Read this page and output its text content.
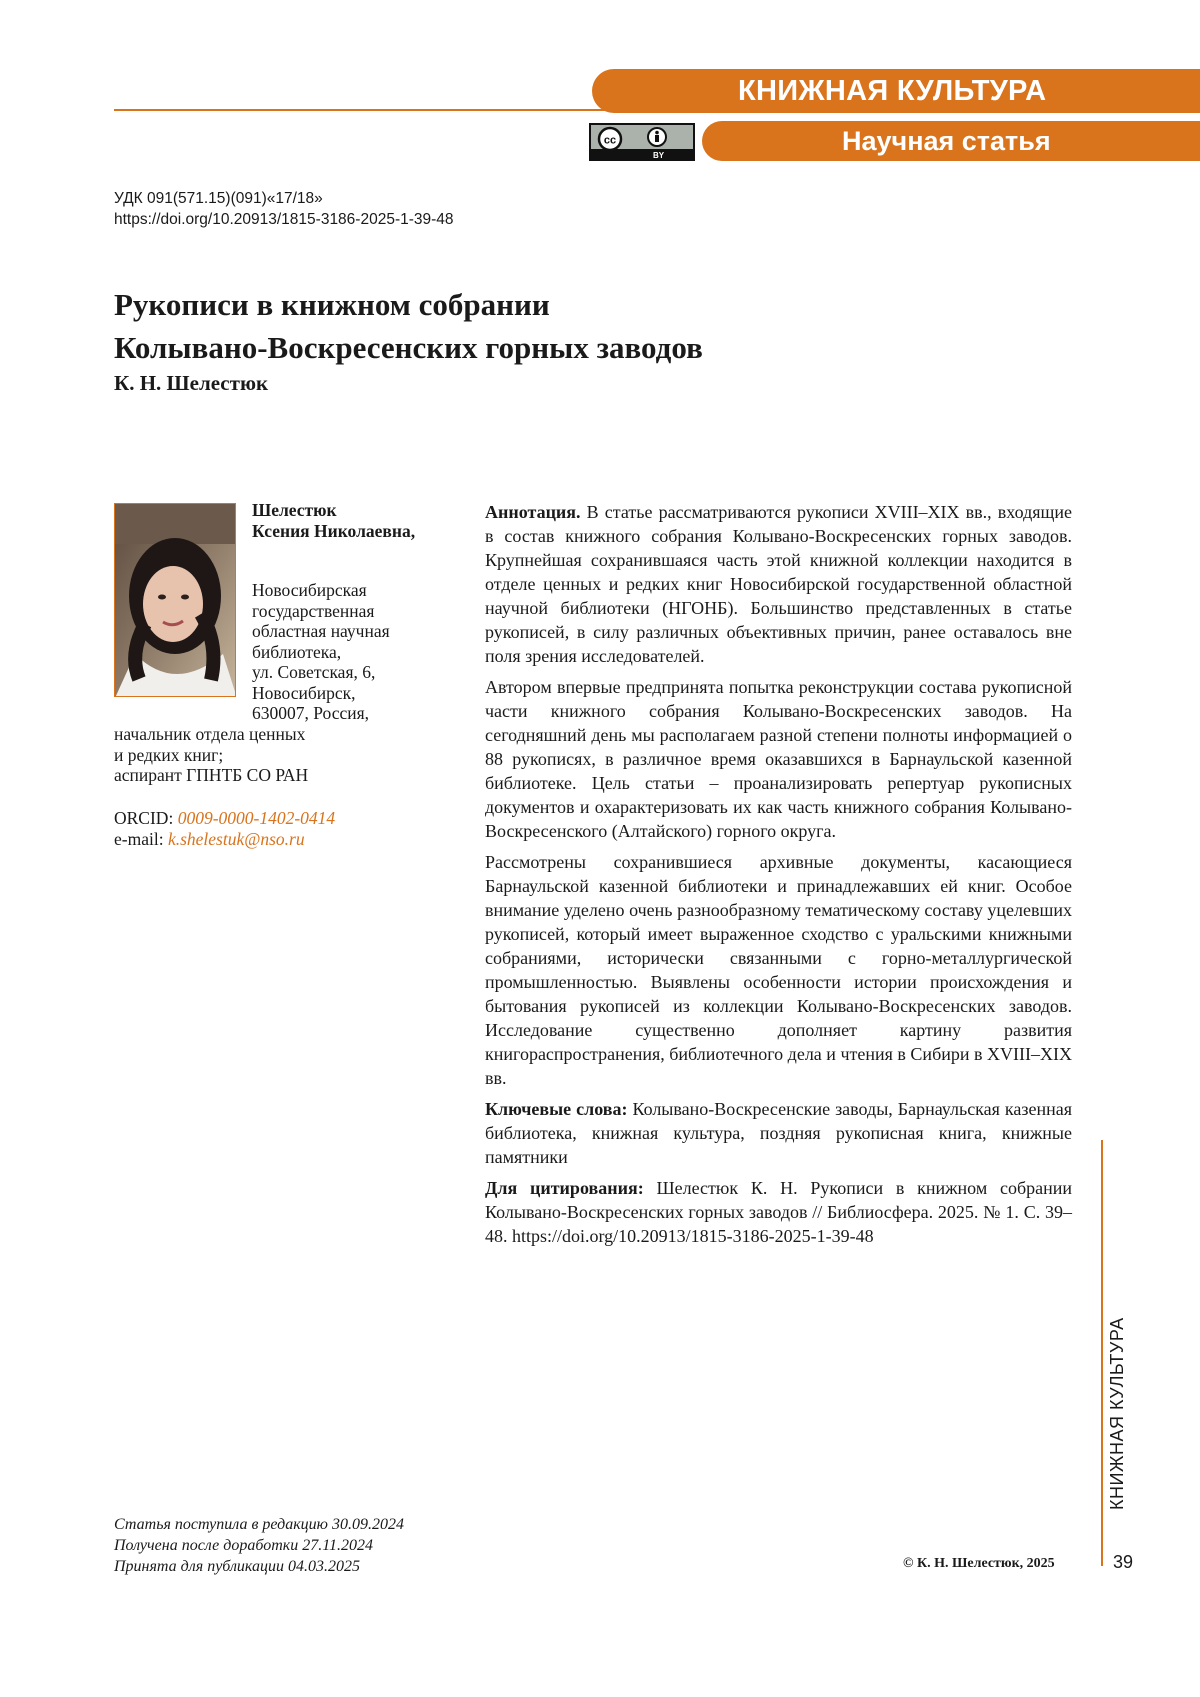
КНИЖНАЯ КУЛЬТУРА
cc
BY	Научная статья
УДК 091(571.15)(091)«17/18»
https://doi.org/10.20913/1815-3186-2025-1-39-48
Рукописи в книжном собрании
Колывано-Воскресенских горных заводов
К. Н. Шелестюк
Шелестюк
Ксения Николаевна,
Новосибирская
государственная
областная научная
библиотека,
ул. Советская, 6,
Новосибирск,
630007, Россия,
начальник отдела ценных
и редких книг;
аспирант ГПНТБ СО РАН
ORCID: 0009-0000-1402-0414
e-mail: k.shelestuk@nso.ru

Аннотация. В статье рассматриваются рукописи XVIII–XIX вв., входящие в состав книжного собрания Колывано-Воскресенских горных заводов. Крупнейшая сохранившаяся часть этой книжной коллекции находится в отделе ценных и редких книг Новосибирской государственной областной научной библиотеки (НГОНБ). Большинство представленных в статье рукописей, в силу различных объективных причин, ранее оставалось вне поля зрения исследователей.

Автором впервые предпринята попытка реконструкции состава рукописной части книжного собрания Колывано-Воскресенских заводов. На сегодняшний день мы располагаем разной степени полноты информацией о 88 рукописях, в различное время оказавшихся в Барнаульской казенной библиотеке. Цель статьи – проанализировать репертуар рукописных документов и охарактеризовать их как часть книжного собрания Колывано-Воскресенского (Алтайского) горного округа.

Рассмотрены сохранившиеся архивные документы, касающиеся Барнаульской казенной библиотеки и принадлежавших ей книг. Особое внимание уделено очень разнообразному тематическому составу уцелевших рукописей, который имеет выраженное сходство с уральскими книжными собраниями, исторически связанными с горно-металлургической промышленностью. Выявлены особенности истории происхождения и бытования рукописей из коллекции Колывано-Воскресенских заводов. Исследование существенно дополняет картину развития книгораспространения, библиотечного дела и чтения в Сибири в XVIII–XIX вв.

Ключевые слова: Колывано-Воскресенские заводы, Барнаульская казенная библиотека, книжная культура, поздняя рукописная книга, книжные памятники

Для цитирования: Шелестюк К. Н. Рукописи в книжном собрании Колывано-Воскресенских горных заводов // Библиосфера. 2025. № 1. С. 39–48. https://doi.org/10.20913/1815-3186-2025-1-39-48

КНИЖНАЯ КУЛЬТУРА
39
Статья поступила в редакцию 30.09.2024
Получена после доработки 27.11.2024
Принята для публикации 04.03.2025	© К. Н. Шелестюк, 2025
